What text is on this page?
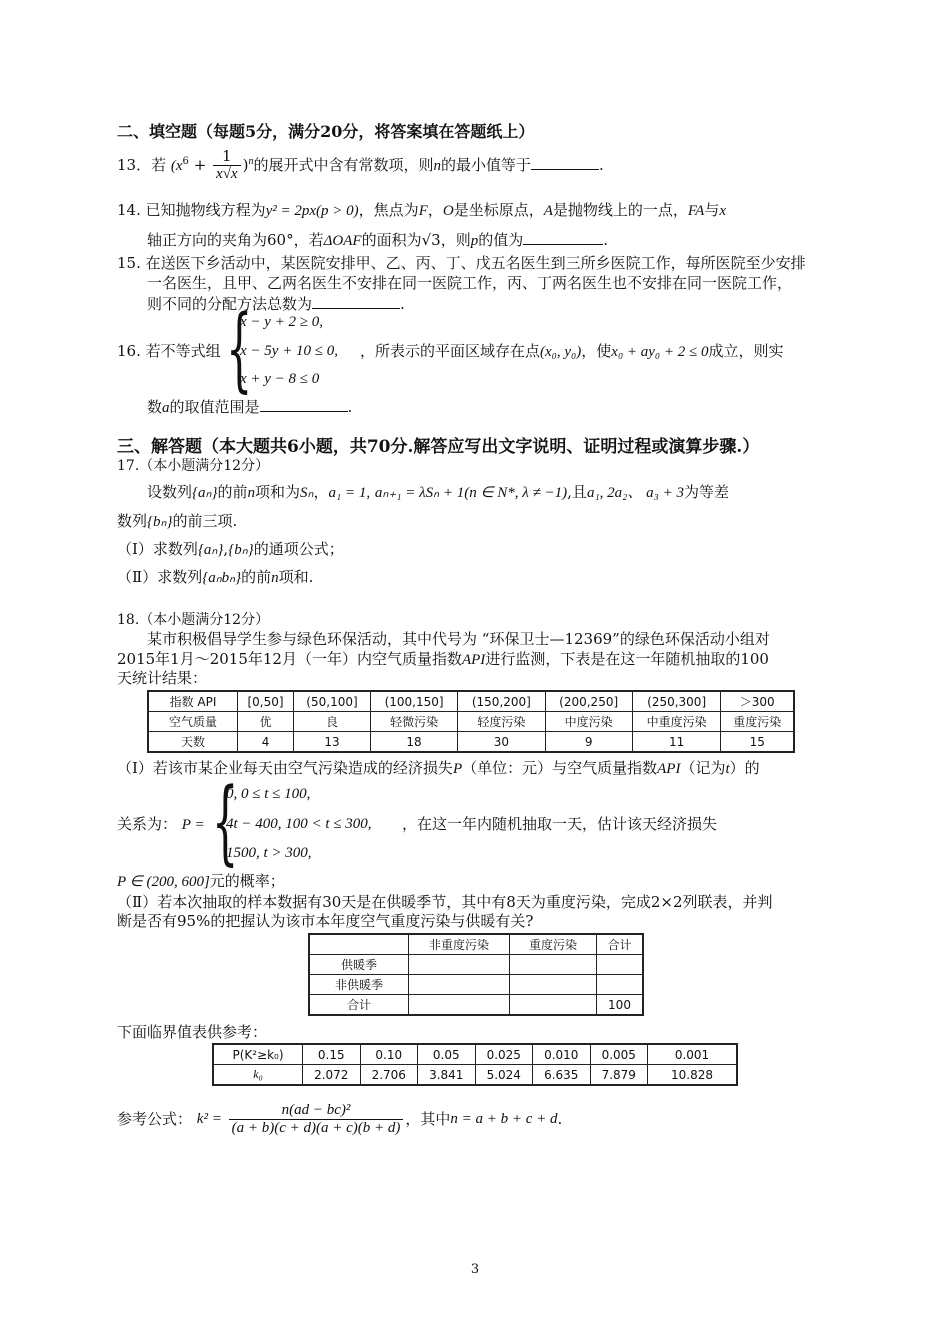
二、填空题（每题5分，满分20分，将答案填在答题纸上）
13．若 $(x^6 + \frac{1}{x√x} )^n$的展开式中含有常数项，则n的最小值等于	.
14. 已知抛物线方程为y² = 2px(p > 0)，焦点为F，O是坐标原点，A是抛物线上的一点，FA与x
轴正方向的夹角为60°，若ΔOAF的面积为√3，则p的值为	.
15. 在送医下乡活动中，某医院安排甲、乙、丙、丁、戊五名医生到三所乡医院工作，每所医院至少安排
一名医生，且甲、乙两名医生不安排在同一医院工作，丙、丁两名医生也不安排在同一医院工作，
则不同的分配方法总数为	.
16. 若不等式组 {
x − y + 2 ≥ 0,
x − 5y + 10 ≤ 0,
x + y − 8 ≤ 0
，所表示的平面区域存在点(x₀, y₀)，使x₀ + ay₀ + 2 ≤ 0成立，则实
数a的取值范围是	.
三、解答题（本大题共6小题，共70分.解答应写出文字说明、证明过程或演算步骤.）
17.（本小题满分12分）
设数列{aₙ}的前n项和为Sₙ，a₁ = 1, aₙ₊₁ = λSₙ + 1(n ∈ N*, λ ≠ −1),且a₁, 2a₂、 a₃ + 3为等差
数列{bₙ}的前三项.
（Ⅰ）求数列{aₙ},{bₙ}的通项公式；
（Ⅱ）求数列{aₙbₙ}的前n项和.
18.（本小题满分12分）
某市积极倡导学生参与绿色环保活动，其中代号为 “环保卫士—12369”的绿色环保活动小组对
2015年1月～2015年12月（一年）内空气质量指数API进行监测，下表是在这一年随机抽取的100
天统计结果：
指数 API	[0,50]	(50,100]	(100,150]	(150,200]	(200,250]	(250,300]	＞300
空气质量	优	良	轻微污染	轻度污染	中度污染	中重度污染	重度污染
天数	4	13	18	30	9	11	15
（Ⅰ）若该市某企业每天由空气污染造成的经济损失P（单位：元）与空气质量指数API（记为t）的
关系为： P = {
0, 0 ≤ t ≤ 100,
4t − 400, 100 < t ≤ 300,
1500, t > 300,
，在这一年内随机抽取一天，估计该天经济损失
P ∈ (200, 600]元的概率；
（Ⅱ）若本次抽取的样本数据有30天是在供暖季节，其中有8天为重度污染，完成2×2列联表，并判
断是否有95%的把握认为该市本年度空气重度污染与供暖有关?
	非重度污染	重度污染	合计
供暖季			
非供暖季			
合计			100
下面临界值表供参考：
P(K²≥k₀)	0.15	0.10	0.05	0.025	0.010	0.005	0.001
k₀	2.072	2.706	3.841	5.024	6.635	7.879	10.828
参考公式： $k^2 = \frac{\text{n(ad − bc)²}}{(a + b)(c + d)(a + c)(b + d)}$ ，其中n = a + b + c + d.
3
